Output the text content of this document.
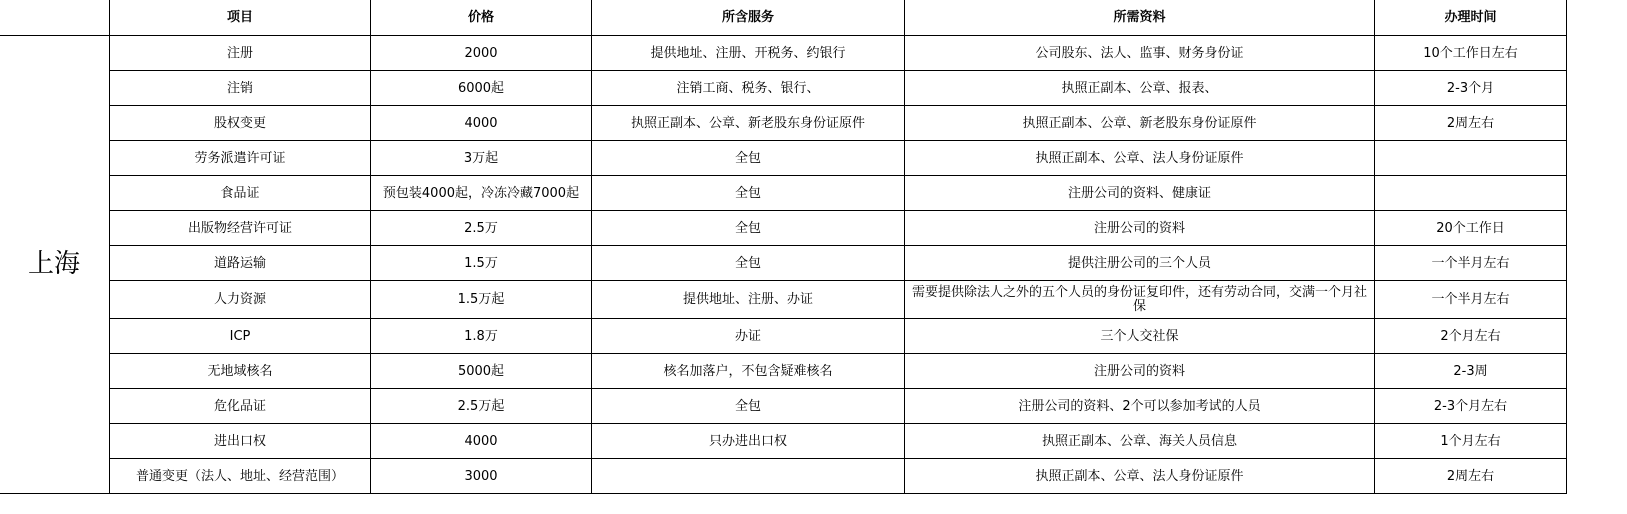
	项目	价格	所含服务	所需资料	办理时间
上海	注册	2000	提供地址、注册、开税务、约银行	公司股东、法人、监事、财务身份证	10个工作日左右
	注销	6000起	注销工商、税务、银行、	执照正副本、公章、报表、	2-3个月
	股权变更	4000	执照正副本、公章、新老股东身份证原件	执照正副本、公章、新老股东身份证原件	2周左右
	劳务派遣许可证	3万起	全包	执照正副本、公章、法人身份证原件	
	食品证	预包装4000起，冷冻冷藏7000起	全包	注册公司的资料、健康证	
	出版物经营许可证	2.5万	全包	注册公司的资料	20个工作日
	道路运输	1.5万	全包	提供注册公司的三个人员	一个半月左右
	人力资源	1.5万起	提供地址、注册、办证	需要提供除法人之外的五个人员的身份证复印件，还有劳动合同，交满一个月社保	一个半月左右
	ICP	1.8万	办证	三个人交社保	2个月左右
	无地域核名	5000起	核名加落户，不包含疑难核名	注册公司的资料	2-3周
	危化品证	2.5万起	全包	注册公司的资料、2个可以参加考试的人员	2-3个月左右
	进出口权	4000	只办进出口权	执照正副本、公章、海关人员信息	1个月左右
	普通变更（法人、地址、经营范围）	3000		执照正副本、公章、法人身份证原件	2周左右
